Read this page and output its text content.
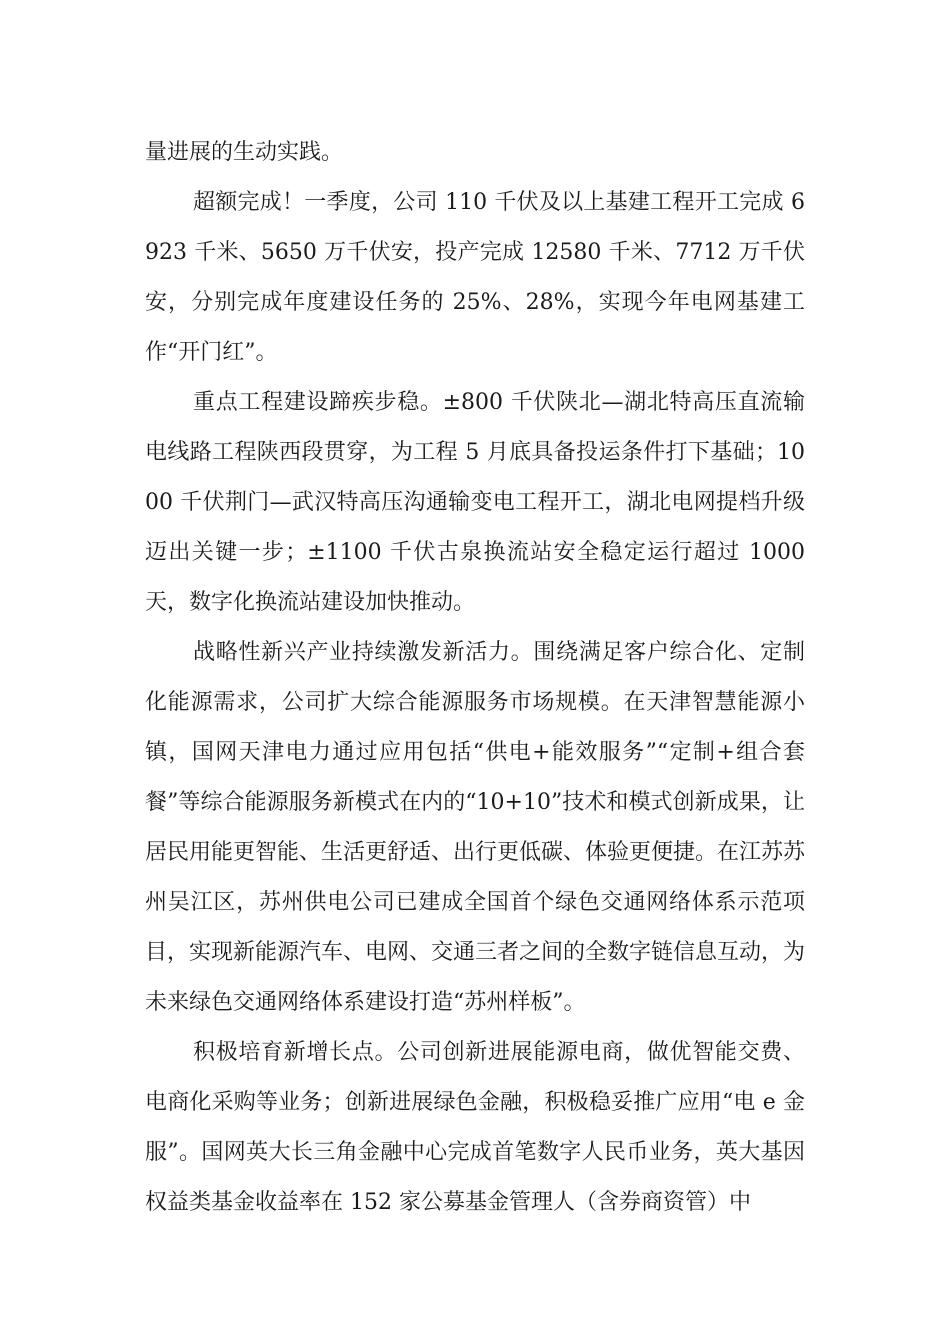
量进展的生动实践。

超额完成！一季度，公司 110 千伏及以上基建工程开工完成 6923 千米、5650 万千伏安，投产完成 12580 千米、7712 万千伏安，分别完成年度建设任务的 25%、28%，实现今年电网基建工作“开门红”。

重点工程建设蹄疾步稳。±800 千伏陕北—湖北特高压直流输电线路工程陕西段贯穿，为工程 5 月底具备投运条件打下基础；1000 千伏荆门—武汉特高压沟通输变电工程开工，湖北电网提档升级迈出关键一步；±1100 千伏古泉换流站安全稳定运行超过 1000 天，数字化换流站建设加快推动。

战略性新兴产业持续激发新活力。围绕满足客户综合化、定制化能源需求，公司扩大综合能源服务市场规模。在天津智慧能源小镇，国网天津电力通过应用包括“供电+能效服务”“定制+组合套餐”等综合能源服务新模式在内的“10+10”技术和模式创新成果，让居民用能更智能、生活更舒适、出行更低碳、体验更便捷。在江苏苏州吴江区，苏州供电公司已建成全国首个绿色交通网络体系示范项目，实现新能源汽车、电网、交通三者之间的全数字链信息互动，为未来绿色交通网络体系建设打造“苏州样板”。

积极培育新增长点。公司创新进展能源电商，做优智能交费、电商化采购等业务；创新进展绿色金融，积极稳妥推广应用“电 e 金服”。国网英大长三角金融中心完成首笔数字人民币业务，英大基因权益类基金收益率在 152 家公募基金管理人（含券商资管）中
